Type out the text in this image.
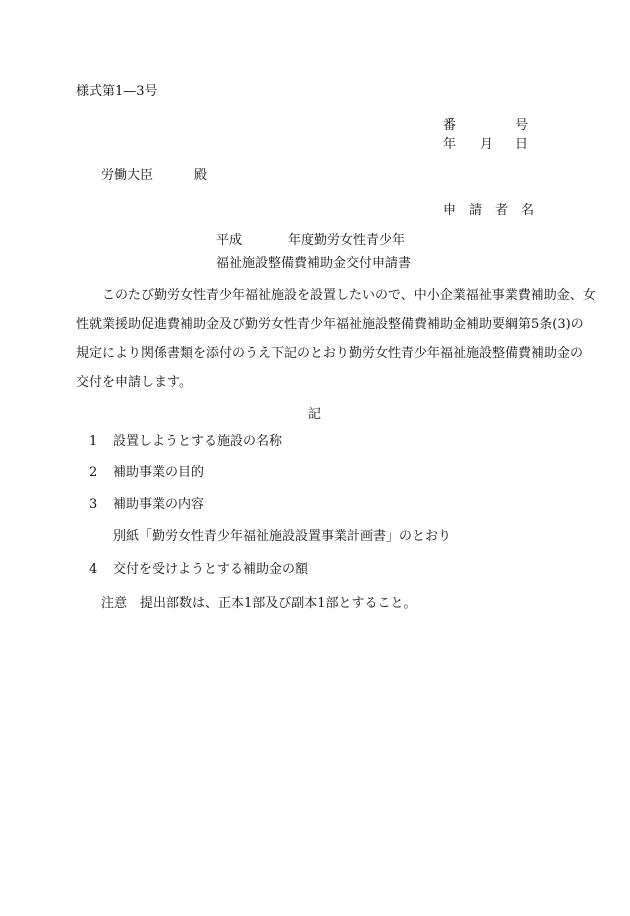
様式第1—3号
番	号
年 月 日
労働大臣	殿
申　請　者　名
平成	年度勤労女性青少年
福祉施設整備費補助金交付申請書
このたび勤労女性青少年福祉施設を設置したいので、中小企業福祉事業費補助金、女
性就業援助促進費補助金及び勤労女性青少年福祉施設整備費補助金補助要綱第5条(3)の
規定により関係書類を添付のうえ下記のとおり勤労女性青少年福祉施設整備費補助金の
交付を申請します。
記
1 設置しようとする施設の名称
2 補助事業の目的
3 補助事業の内容
別紙「勤労女性青少年福祉施設設置事業計画書」のとおり
4 交付を受けようとする補助金の額
注意　提出部数は、正本1部及び副本1部とすること。
